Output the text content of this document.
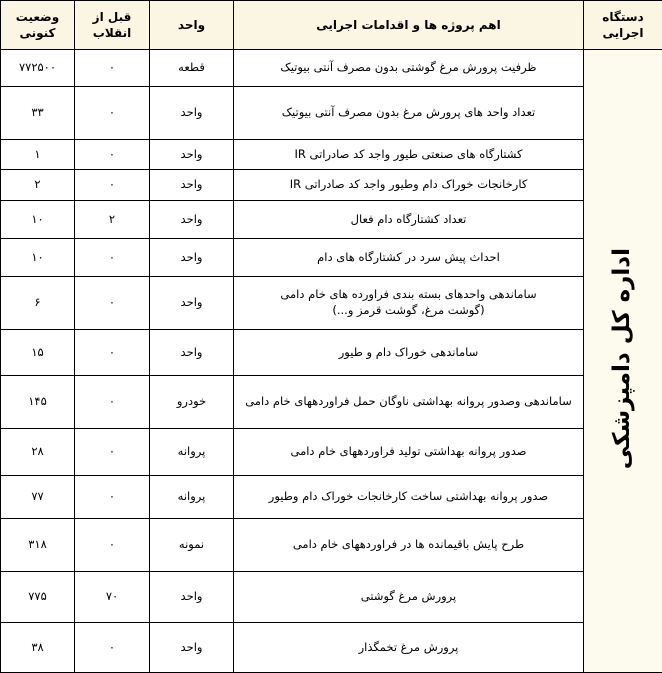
دستگاه اجرایی	اهم پروژه ها و اقدامات اجرایی	واحد	قبل از انقلاب	وضعیت کنونی
اداره کل دامپزشکی	ظرفیت پرورش مرغ گوشتی بدون مصرف آنتی بیوتیک	قطعه	۰	۷۷۲۵۰۰
	تعداد واحد های پرورش مرغ بدون مصرف آنتی بیوتیک	واحد	۰	۳۳
	کشتارگاه های صنعتی طیور واجد کد صادراتی IR	واحد	۰	۱
	کارخانجات خوراک دام وطیور واجد کد صادراتی IR	واحد	۰	۲
	تعداد کشتارگاه دام فعال	واحد	۲	۱۰
	احداث پیش سرد در کشتارگاه های دام	واحد	۰	۱۰
	ساماندهی واحدهای بسته بندی فراورده های خام دامی
(گوشت مرغ، گوشت قرمز و...)	واحد	۰	۶
	ساماندهی خوراک دام و طیور	واحد	۰	۱۵
	ساماندهی وصدور پروانه بهداشتی ناوگان حمل فراوردههای خام دامی	خودرو	۰	۱۴۵
	صدور پروانه بهداشتی تولید فراوردههای خام دامی	پروانه	۰	۲۸
	صدور پروانه بهداشتی ساخت کارخانجات خوراک دام وطیور	پروانه	۰	۷۷
	طرح پایش باقیمانده ها در فراوردههای خام دامی	نمونه	۰	۳۱۸
	پرورش مرغ گوشتی	واحد	۷۰	۷۷۵
	پرورش مرغ تخمگذار	واحد	۰	۳۸
